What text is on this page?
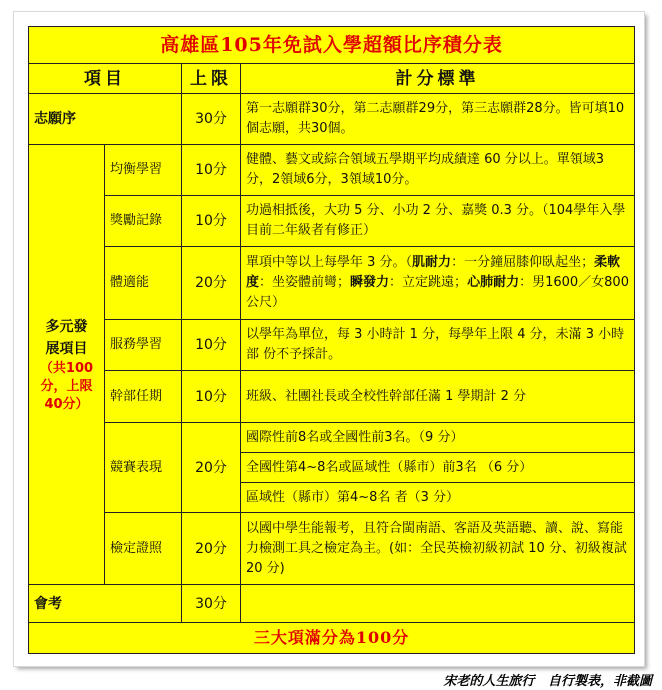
高雄區105年免試入學超額比序積分表			
項目		上限	計分標準
志願序		30分	第一志願群30分，第二志願群29分，第三志願群28分。皆可填10個志願，共30個。

多元發
展項目
（共100
分，上限
40分）	均衡學習	10分	健體、藝文或綜合領域五學期平均成績達 60 分以上。單領域3分，2領域6分，3領域10分。
	獎勵記錄	10分	功過相抵後，大功 5 分、小功 2 分、嘉獎 0.3 分。（104學年入學目前二年級者有修正）
	體適能	20分	單項中等以上每學年 3 分。（肌耐力：一分鐘屈膝仰臥起坐；柔軟度：坐姿體前彎；瞬發力：立定跳遠；心肺耐力：男1600／女800公尺）
	服務學習	10分	以學年為單位，每 3 小時計 1 分，每學年上限 4 分，未滿 3 小時部 份不予採計。
	幹部任期	10分	班級、社團社長或全校性幹部任滿 1 學期計 2 分
	競賽表現	20分	國際性前8名或全國性前3名。（9 分）
			全國性第4~8名或區域性（縣市）前3名 （6 分）
			區域性（縣市）第4~8名 者（3 分）
	檢定證照	20分	以國中學生能報考，且符合閩南語、客語及英語聽、讀、說、寫能力檢測工具之檢定為主。(如：全民英檢初級初試 10 分、初級複試 20 分)
會考		30分	
三大項滿分為100分			
宋老的人生旅行   自行製表，非截圖
